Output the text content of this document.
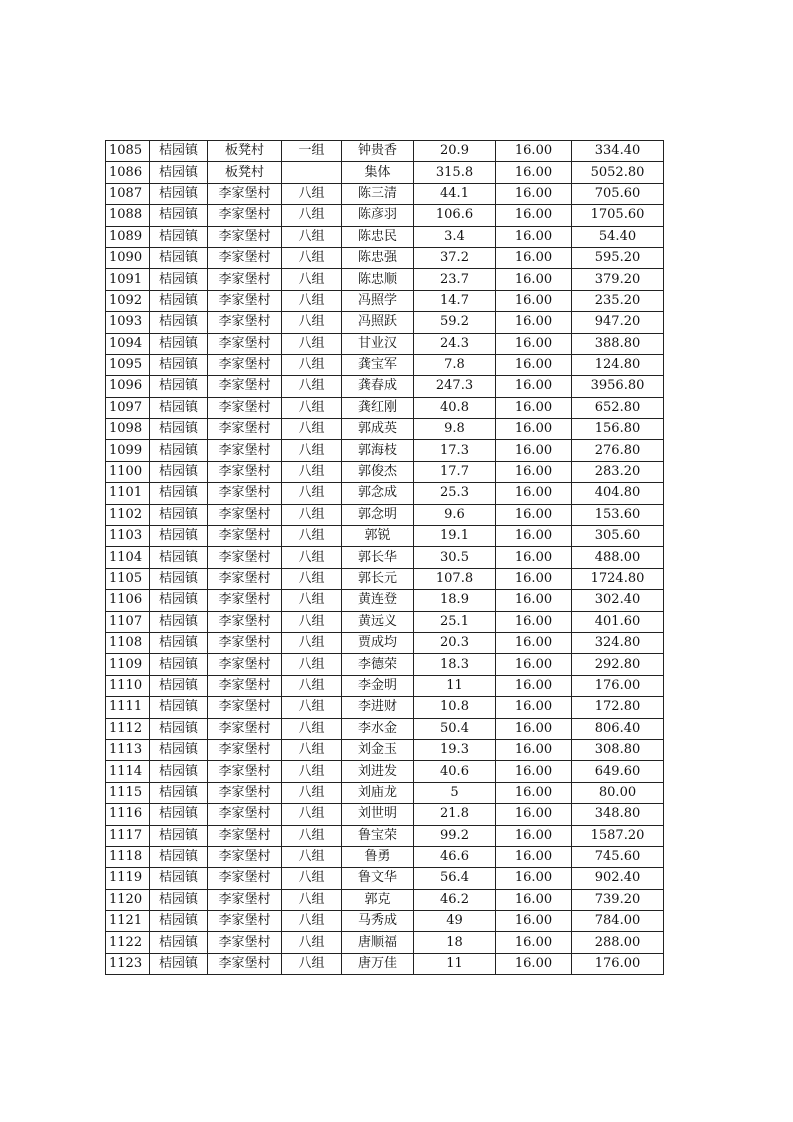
1085	桔园镇	板凳村	一组	钟贵香	20.9	16.00	334.40
1086	桔园镇	板凳村		集体	315.8	16.00	5052.80
1087	桔园镇	李家堡村	八组	陈三清	44.1	16.00	705.60
1088	桔园镇	李家堡村	八组	陈彦羽	106.6	16.00	1705.60
1089	桔园镇	李家堡村	八组	陈忠民	3.4	16.00	54.40
1090	桔园镇	李家堡村	八组	陈忠强	37.2	16.00	595.20
1091	桔园镇	李家堡村	八组	陈忠顺	23.7	16.00	379.20
1092	桔园镇	李家堡村	八组	冯照学	14.7	16.00	235.20
1093	桔园镇	李家堡村	八组	冯照跃	59.2	16.00	947.20
1094	桔园镇	李家堡村	八组	甘业汉	24.3	16.00	388.80
1095	桔园镇	李家堡村	八组	龚宝军	7.8	16.00	124.80
1096	桔园镇	李家堡村	八组	龚春成	247.3	16.00	3956.80
1097	桔园镇	李家堡村	八组	龚红刚	40.8	16.00	652.80
1098	桔园镇	李家堡村	八组	郭成英	9.8	16.00	156.80
1099	桔园镇	李家堡村	八组	郭海枝	17.3	16.00	276.80
1100	桔园镇	李家堡村	八组	郭俊杰	17.7	16.00	283.20
1101	桔园镇	李家堡村	八组	郭念成	25.3	16.00	404.80
1102	桔园镇	李家堡村	八组	郭念明	9.6	16.00	153.60
1103	桔园镇	李家堡村	八组	郭锐	19.1	16.00	305.60
1104	桔园镇	李家堡村	八组	郭长华	30.5	16.00	488.00
1105	桔园镇	李家堡村	八组	郭长元	107.8	16.00	1724.80
1106	桔园镇	李家堡村	八组	黄连登	18.9	16.00	302.40
1107	桔园镇	李家堡村	八组	黄远义	25.1	16.00	401.60
1108	桔园镇	李家堡村	八组	贾成均	20.3	16.00	324.80
1109	桔园镇	李家堡村	八组	李德荣	18.3	16.00	292.80
1110	桔园镇	李家堡村	八组	李金明	11	16.00	176.00
1111	桔园镇	李家堡村	八组	李进财	10.8	16.00	172.80
1112	桔园镇	李家堡村	八组	李水金	50.4	16.00	806.40
1113	桔园镇	李家堡村	八组	刘金玉	19.3	16.00	308.80
1114	桔园镇	李家堡村	八组	刘进发	40.6	16.00	649.60
1115	桔园镇	李家堡村	八组	刘庙龙	5	16.00	80.00
1116	桔园镇	李家堡村	八组	刘世明	21.8	16.00	348.80
1117	桔园镇	李家堡村	八组	鲁宝荣	99.2	16.00	1587.20
1118	桔园镇	李家堡村	八组	鲁勇	46.6	16.00	745.60
1119	桔园镇	李家堡村	八组	鲁文华	56.4	16.00	902.40
1120	桔园镇	李家堡村	八组	郭克	46.2	16.00	739.20
1121	桔园镇	李家堡村	八组	马秀成	49	16.00	784.00
1122	桔园镇	李家堡村	八组	唐顺福	18	16.00	288.00
1123	桔园镇	李家堡村	八组	唐万佳	11	16.00	176.00
